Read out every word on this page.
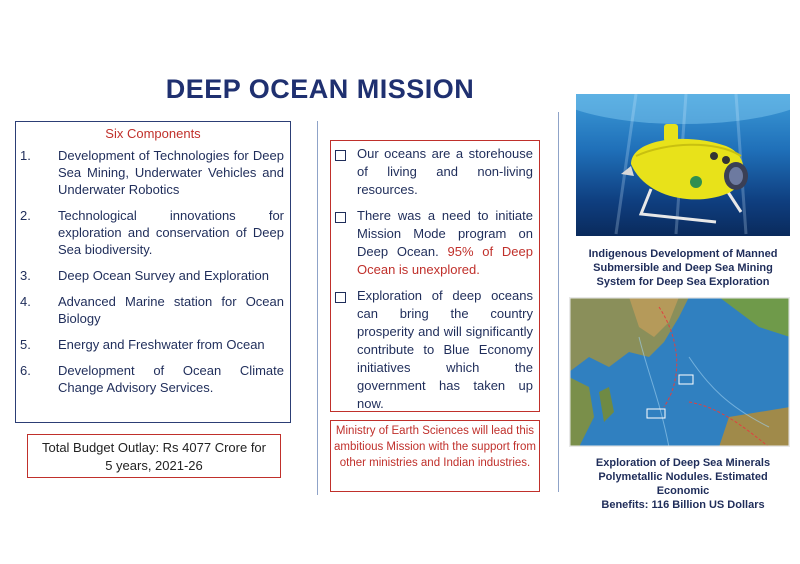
DEEP OCEAN MISSION
Six Components
1.	Development of Technologies for Deep Sea Mining, Underwater Vehicles and Underwater Robotics
2.	Technological innovations for exploration and conservation of Deep Sea biodiversity.
3.	Deep Ocean Survey and Exploration
4.	Advanced Marine station for Ocean Biology
5.	Energy and Freshwater from Ocean
6.	Development of Ocean Climate Change Advisory Services.
Total Budget Outlay: Rs 4077 Crore for
5 years, 2021-26
Our oceans are a storehouse of living and non-living resources.
There was a need to initiate Mission Mode program on Deep Ocean. 95% of Deep Ocean is unexplored.
Exploration of deep oceans can bring the country prosperity and will significantly contribute to Blue Economy initiatives which the government has taken up now.
Ministry of Earth Sciences will lead this ambitious Mission with the support from other ministries and Indian industries.
Indigenous Development of Manned
Submersible and Deep Sea Mining
System for Deep Sea Exploration
Exploration of Deep Sea Minerals
Polymetallic Nodules. Estimated Economic
Benefits: 116 Billion US Dollars
